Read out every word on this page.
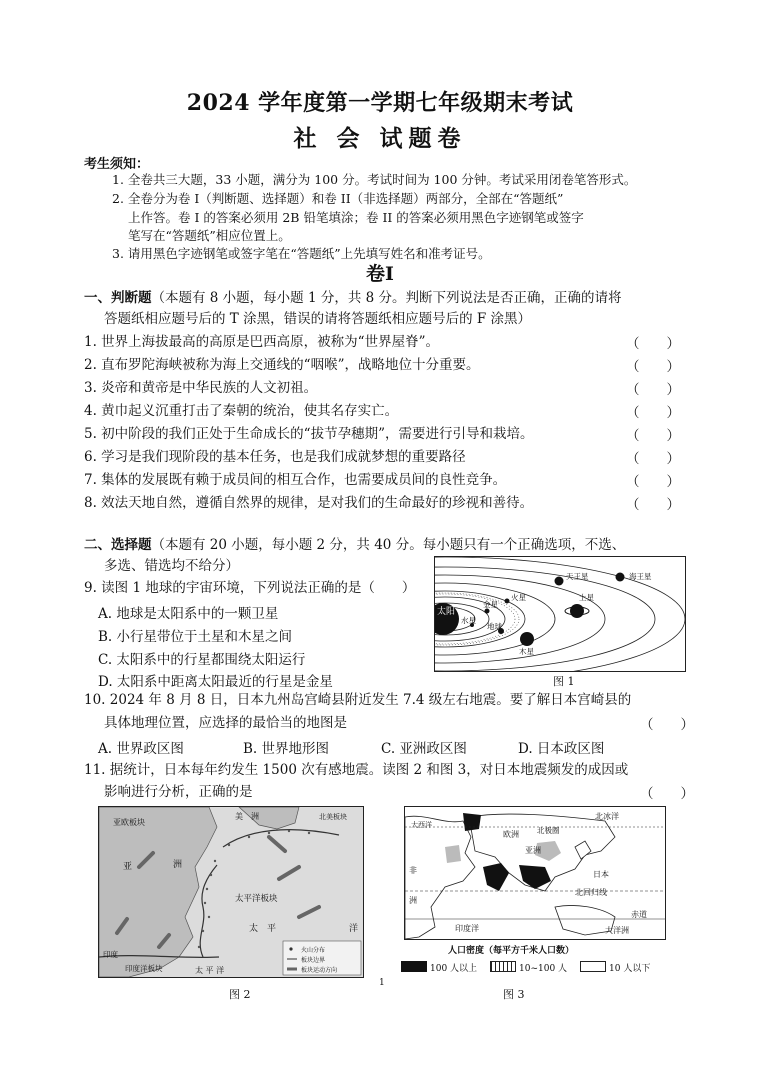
2024 学年度第一学期七年级期末考试
社 会 试题卷
考生须知：
1. 全卷共三大题，33 小题，满分为 100 分。考试时间为 100 分钟。考试采用闭卷笔答形式。
2. 全卷分为卷 I（判断题、选择题）和卷 II（非选择题）两部分，全部在“答题纸”
上作答。卷 I 的答案必须用 2B 铅笔填涂；卷 II 的答案必须用黑色字迹钢笔或签字
笔写在“答题纸”相应位置上。
3. 请用黑色字迹钢笔或签字笔在“答题纸”上先填写姓名和准考证号。
卷Ⅰ
一、判断题（本题有 8 小题，每小题 1 分，共 8 分。判断下列说法是否正确，正确的请将
答题纸相应题号后的 T 涂黑，错误的请将答题纸相应题号后的 F 涂黑）
1. 世界上海拔最高的高原是巴西高原，被称为“世界屋脊”。	（　　）
2. 直布罗陀海峡被称为海上交通线的“咽喉”，战略地位十分重要。	（　　）
3. 炎帝和黄帝是中华民族的人文初祖。	（　　）
4. 黄巾起义沉重打击了秦朝的统治，使其名存实亡。	（　　）
5. 初中阶段的我们正处于生命成长的“拔节孕穗期”，需要进行引导和栽培。	（　　）
6. 学习是我们现阶段的基本任务，也是我们成就梦想的重要路径	（　　）
7. 集体的发展既有赖于成员间的相互合作，也需要成员间的良性竞争。	（　　）
8. 效法天地自然，遵循自然界的规律，是对我们的生命最好的珍视和善待。	（　　）
二、选择题（本题有 20 小题，每小题 2 分，共 40 分。每小题只有一个正确选项，不选、
多选、错选均不给分）
9. 读图 1 地球的宇宙环境，下列说法正确的是（　　）
A. 地球是太阳系中的一颗卫星
B. 小行星带位于土星和木星之间
C. 太阳系中的行星都围绕太阳运行
D. 太阳系中距离太阳最近的行星是金星
太阳
水星
金星
地球
火星
木星
土星
天王星	海王星
图 1
10. 2024 年 8 月 8 日，日本九州岛宫崎县附近发生 7.4 级左右地震。要了解日本宫崎县的
具体地理位置，应选择的最恰当的地图是	（　　）
A. 世界政区图	B. 世界地形图	C. 亚洲政区图	D. 日本政区图
11. 据统计，日本每年约发生 1500 次有感地震。读图 2 和图 3，对日本地震频发的成因或
影响进行分析，正确的是	（　　）
亚欧板块
美　洲	北美板块
亚	洲
太平洋板块
太　平	洋
印度洋板块
印度
太 平 洋
火山分布
板块边界
板块运动方向
图 2
北冰洋
大西洋
欧洲
亚洲
北极圈
日本
北回归线
赤道
非
洲
印度洋	大洋洲
人口密度（每平方千米人口数）
100 人以上	10~100 人	10 人以下
图 3
1
